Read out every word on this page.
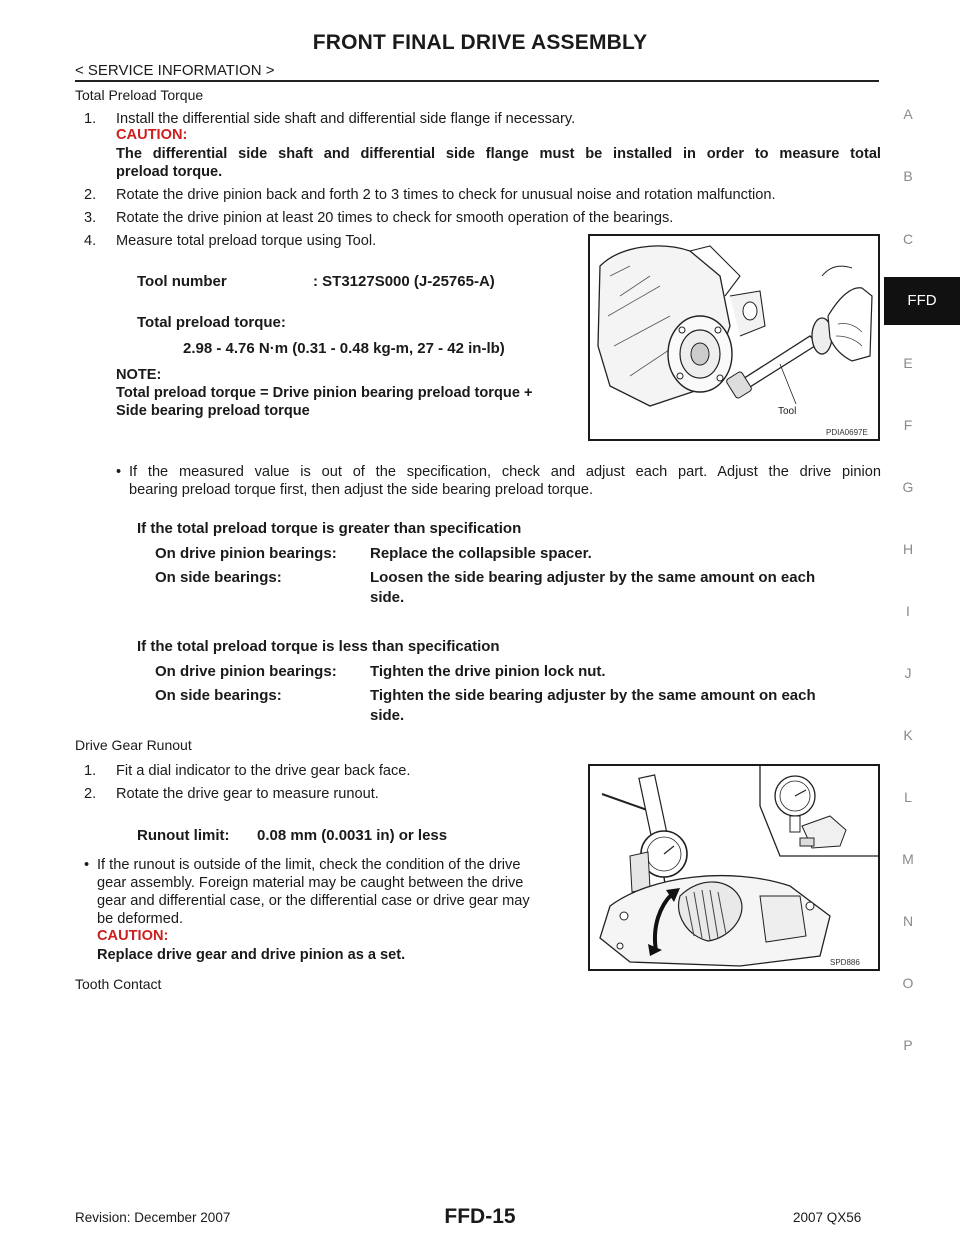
FRONT FINAL DRIVE ASSEMBLY
< SERVICE INFORMATION >
Total Preload Torque
1. Install the differential side shaft and differential side flange if necessary.
CAUTION:
The differential side shaft and differential side flange must be installed in order to measure total
preload torque.
2. Rotate the drive pinion back and forth 2 to 3 times to check for unusual noise and rotation malfunction.
3. Rotate the drive pinion at least 20 times to check for smooth operation of the bearings.
4. Measure total preload torque using Tool.
Tool number	: ST3127S000 (J-25765-A)
Total preload torque:
2.98 - 4.76 N·m (0.31 - 0.48 kg-m, 27 - 42 in-lb)
NOTE:
Total preload torque = Drive pinion bearing preload torque +
Side bearing preload torque	Tool
PDIA0697E
• If the measured value is out of the specification, check and adjust each part. Adjust the drive pinion
bearing preload torque first, then adjust the side bearing preload torque.
If the total preload torque is greater than specification
On drive pinion bearings: Replace the collapsible spacer.
On side bearings:	Loosen the side bearing adjuster by the same amount on each
side.
If the total preload torque is less than specification
On drive pinion bearings: Tighten the drive pinion lock nut.
On side bearings:	Tighten the side bearing adjuster by the same amount on each
side.
Drive Gear Runout
1. Fit a dial indicator to the drive gear back face.
2. Rotate the drive gear to measure runout.
Runout limit: 0.08 mm (0.0031 in) or less
• If the runout is outside of the limit, check the condition of the drive
gear assembly. Foreign material may be caught between the drive
gear and differential case, or the differential case or drive gear may
be deformed.
CAUTION:
Replace drive gear and drive pinion as a set.	SPD886
Tooth Contact
A
B
C
FFD
E
F
G
H
I
J
K
L
M
N
O
P
Revision: December 2007	FFD-15	2007 QX56
